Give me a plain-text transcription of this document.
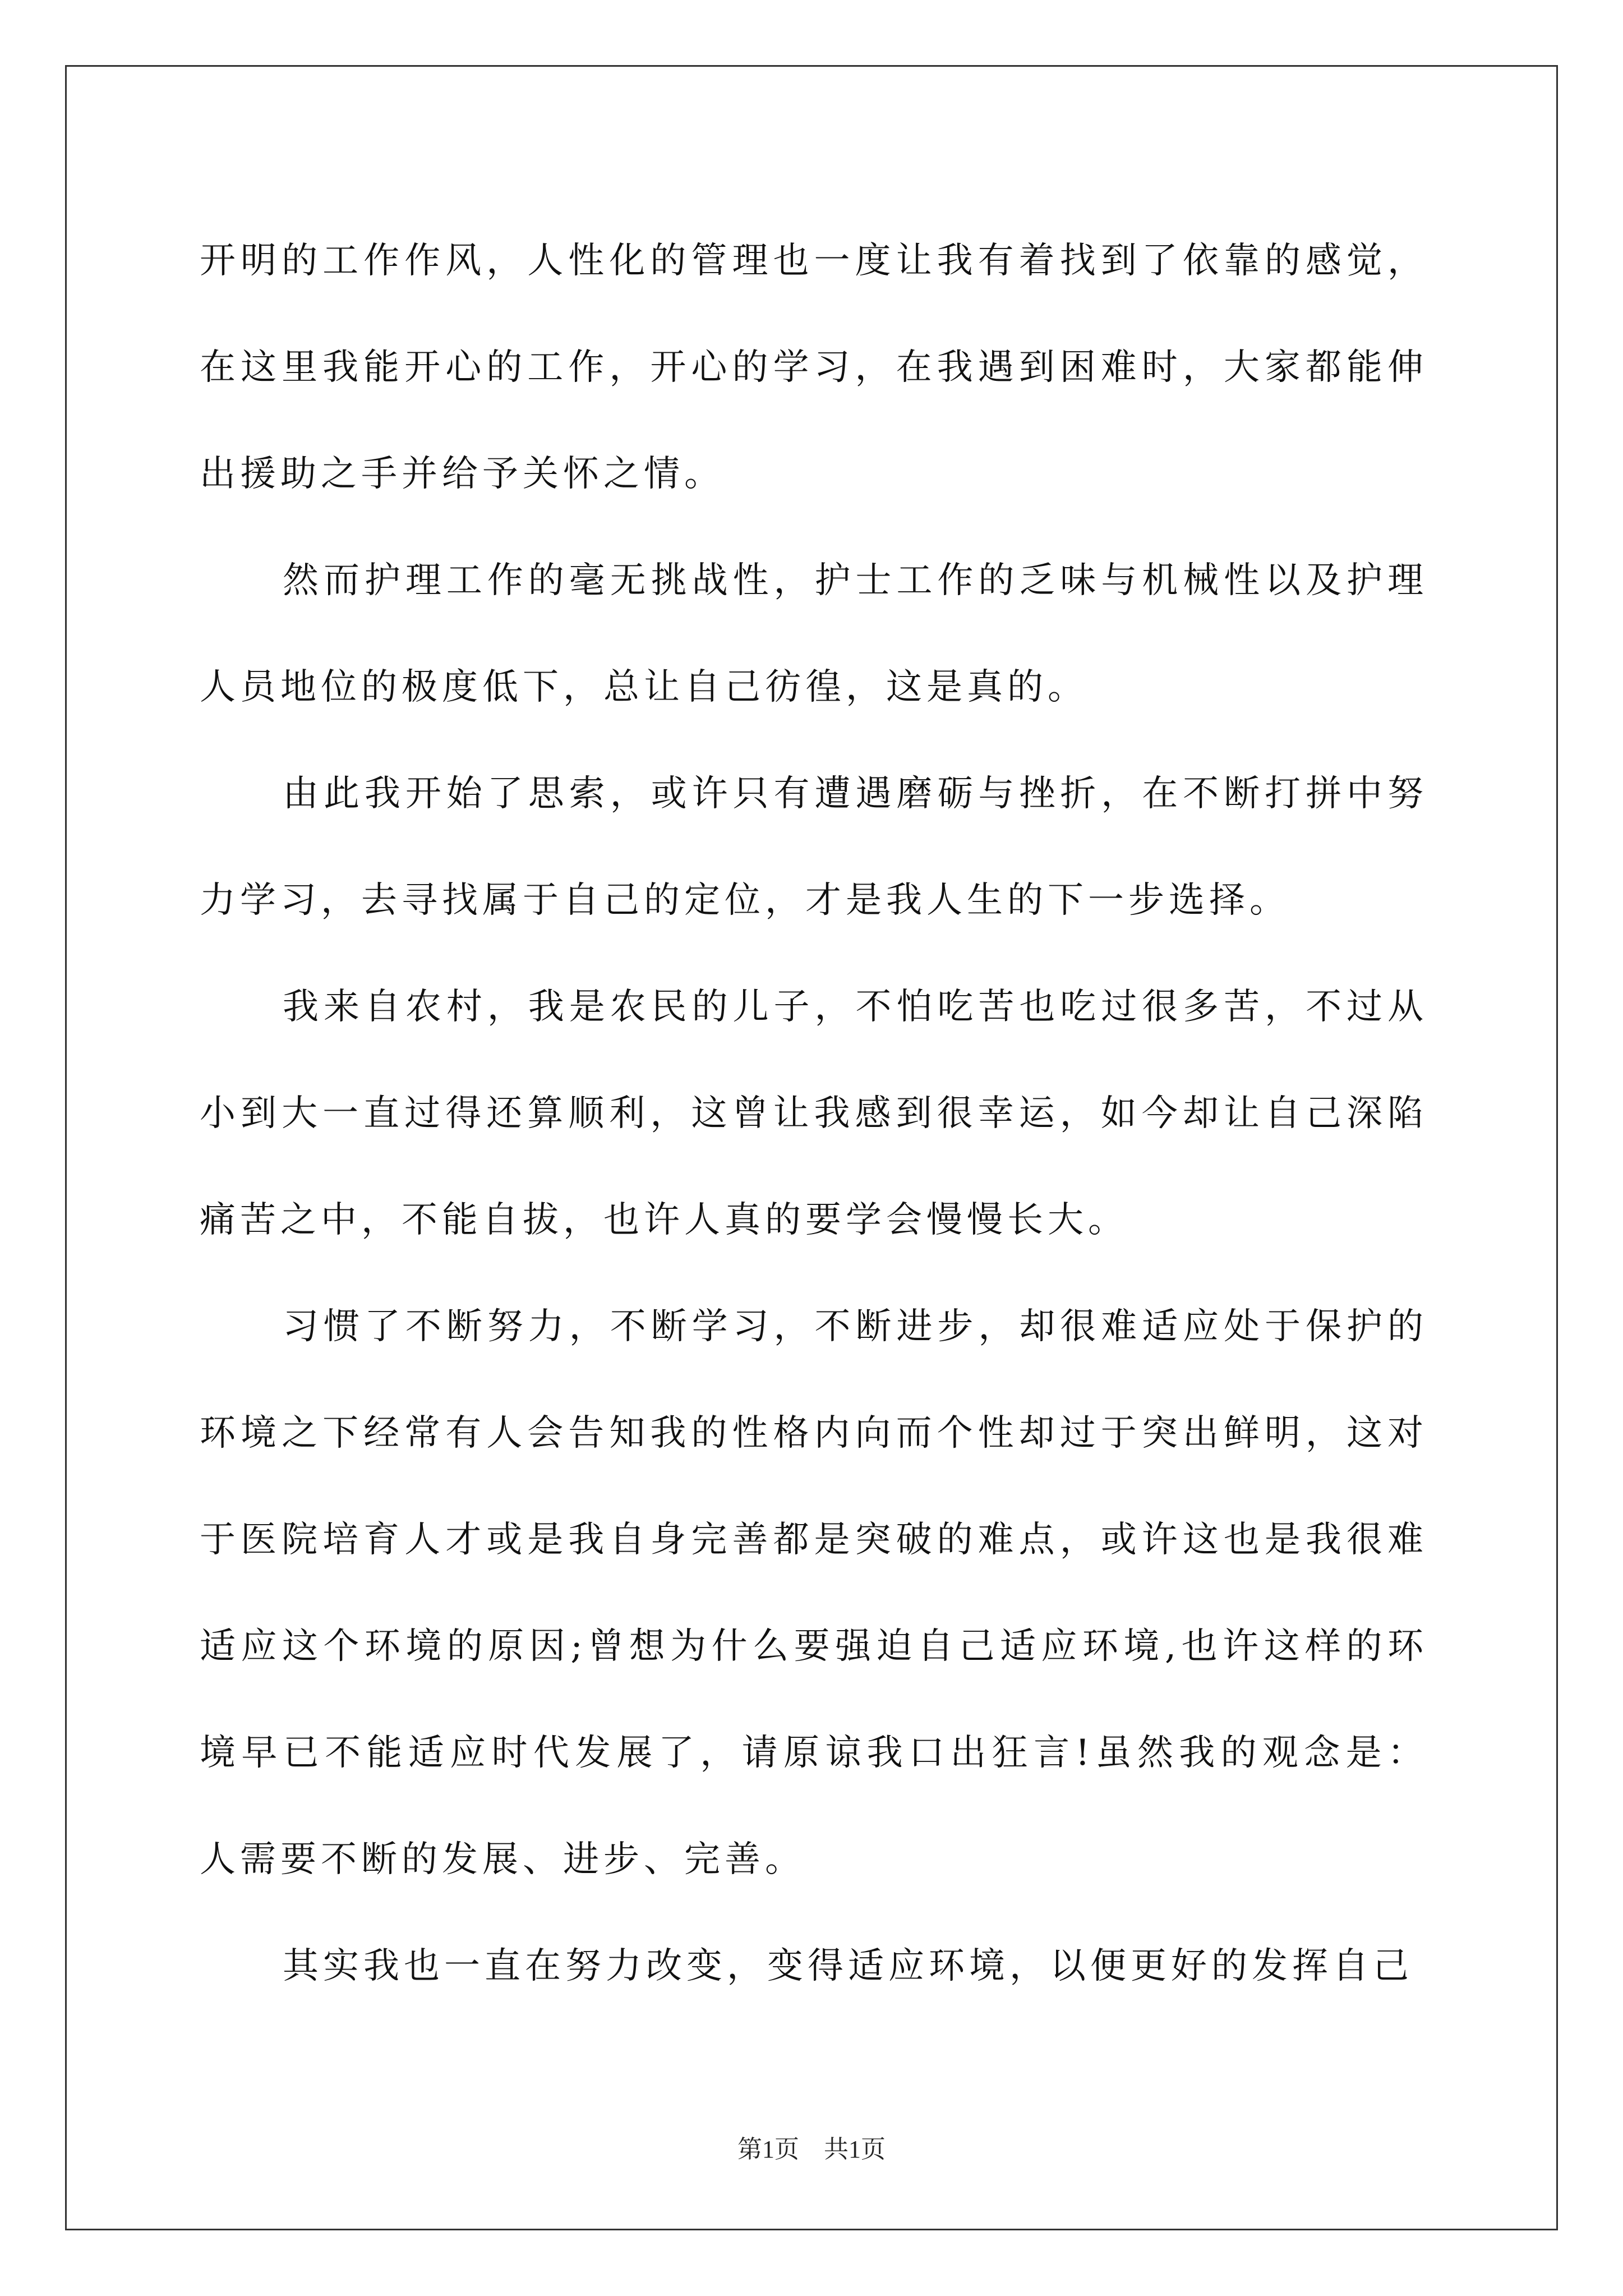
开明的工作作风，人性化的管理也一度让我有着找到了依靠的感觉，在这里我能开心的工作，开心的学习，在我遇到困难时，大家都能伸出援助之手并给予关怀之情。

然而护理工作的毫无挑战性，护士工作的乏味与机械性以及护理人员地位的极度低下，总让自己彷徨，这是真的。

由此我开始了思索，或许只有遭遇磨砺与挫折，在不断打拼中努力学习，去寻找属于自己的定位，才是我人生的下一步选择。

我来自农村，我是农民的儿子，不怕吃苦也吃过很多苦，不过从小到大一直过得还算顺利，这曾让我感到很幸运，如今却让自己深陷痛苦之中，不能自拔，也许人真的要学会慢慢长大。

习惯了不断努力，不断学习，不断进步，却很难适应处于保护的环境之下经常有人会告知我的性格内向而个性却过于突出鲜明，这对于医院培育人才或是我自身完善都是突破的难点，或许这也是我很难适应这个环境的原因;曾想为什么要强迫自己适应环境,也许这样的环境早已不能适应时代发展了，请原谅我口出狂言!虽然我的观念是：人需要不断的发展、进步、完善。

其实我也一直在努力改变，变得适应环境，以便更好的发挥自己

第1页 共1页
